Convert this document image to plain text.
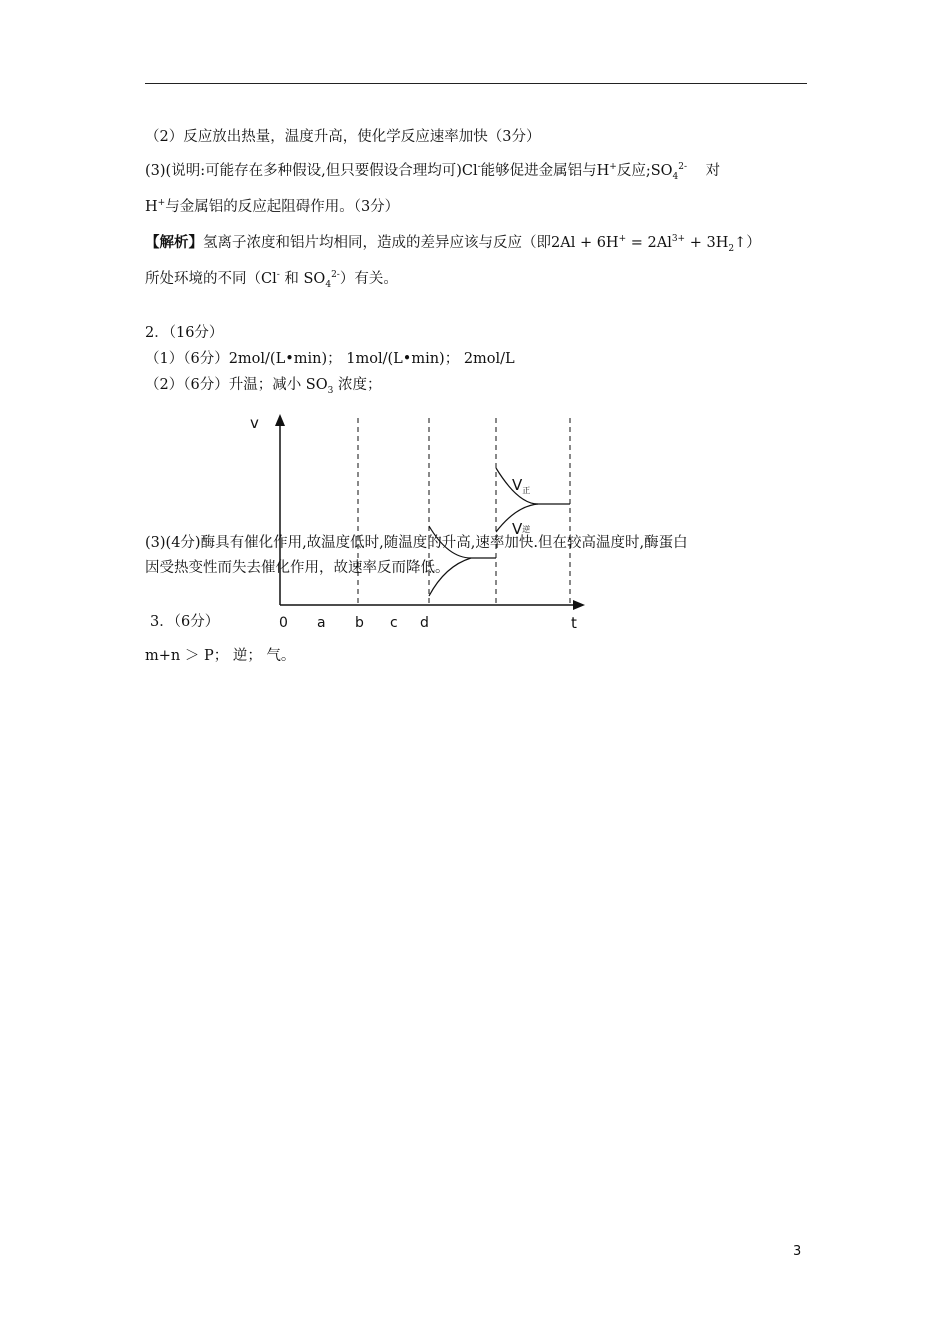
（2）反应放出热量，温度升高，使化学反应速率加快（3分）
(3)(说明:可能存在多种假设,但只要假设合理均可)Cl-能够促进金属铝与H+反应$;SO_4^{2-}$ 对
H+与金属铝的反应起阻碍作用。（3分）
【解析】氢离子浓度和铝片均相同，造成的差异应该与反应（即$2Al + 6H^+ = 2Al^{3+}$ + $3H_2↑$）
所处环境的不同（Cl- 和 $SO_4^{2-}$）有关。
2．（16分）
（1）（6分）2mol/(L•min)； 1mol/(L•min)； 2mol/L
（2）（6分）升温；减小 $SO_3$ 浓度；
v
t
$V_正$
V逆
0 a b c d
(3)(4分)酶具有催化作用,故温度低时,随温度的升高,速率加快.但在较高温度时,酶蛋白
因受热变性而失去催化作用，故速率反而降低。
3．（6分）
m+n ＞ P； 逆； 气。
3
